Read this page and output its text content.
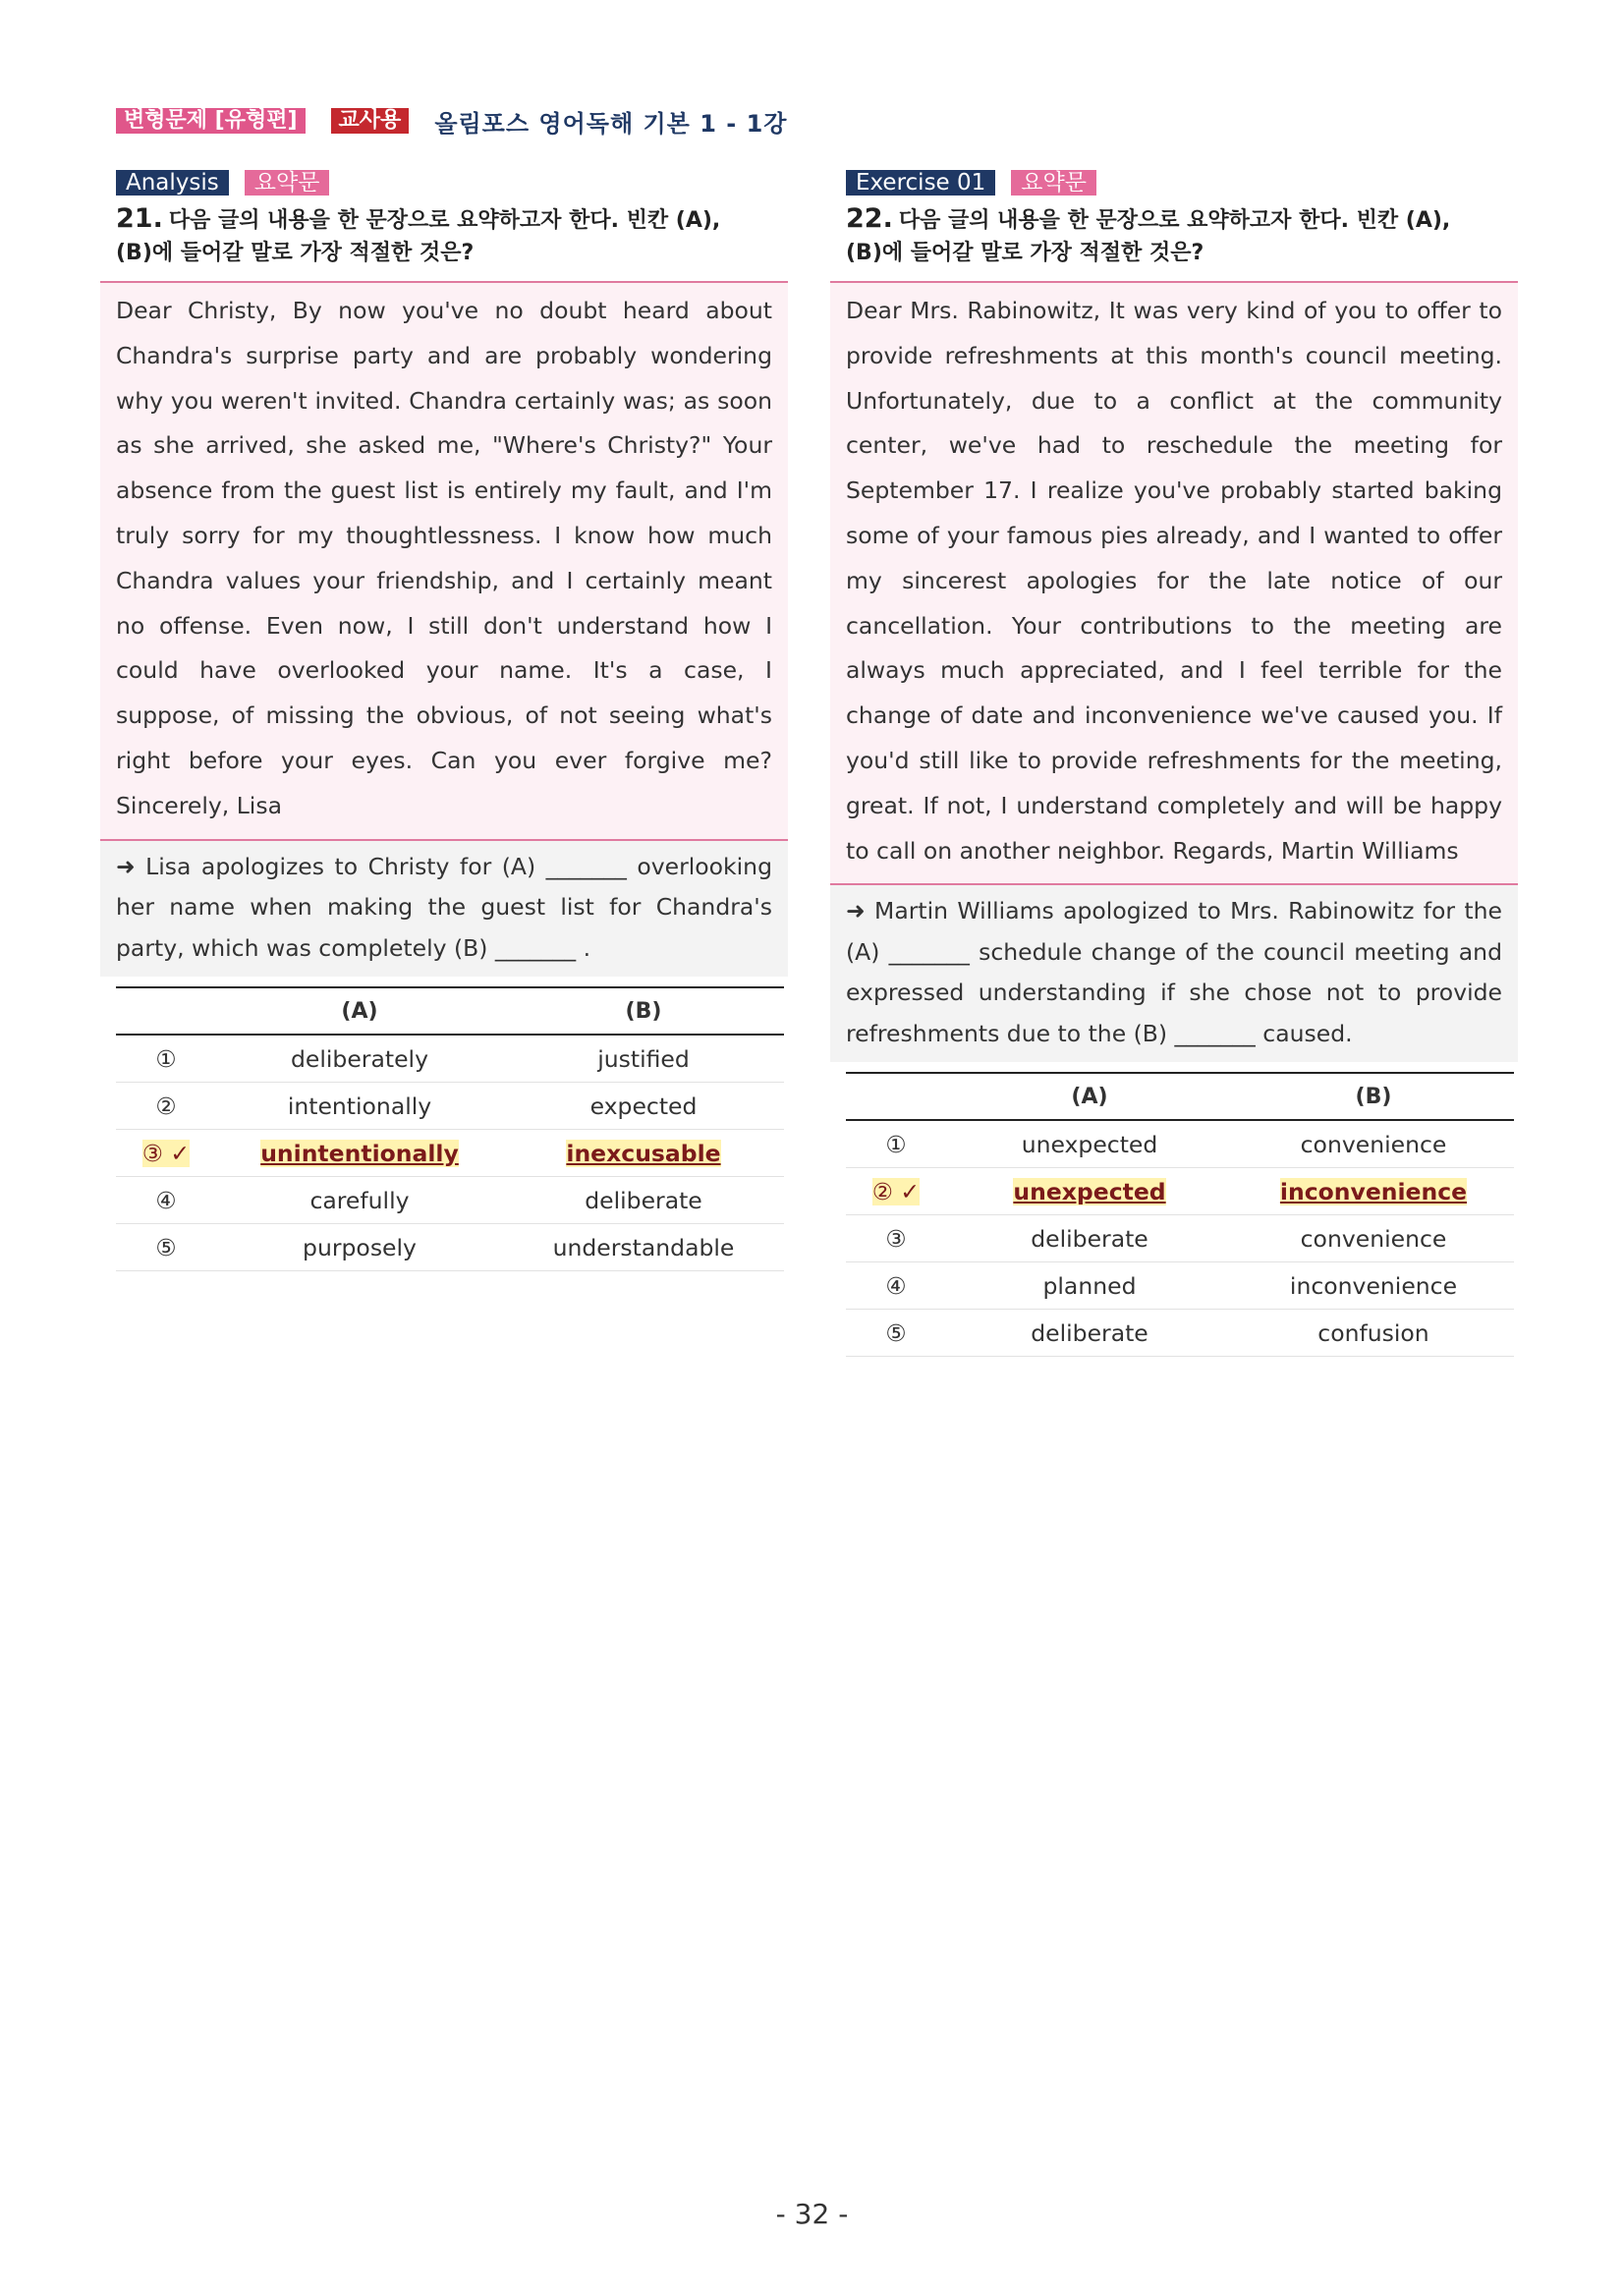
변형문제 [유형편]	교사용	올림포스 영어독해 기본 1 - 1강
Analysis	요약문
21. 다음 글의 내용을 한 문장으로 요약하고자 한다. 빈칸 (A),
(B)에 들어갈 말로 가장 적절한 것은?
Dear Christy, By now you've no doubt heard about Chandra's surprise party and are probably wondering why you weren't invited. Chandra certainly was; as soon as she arrived, she asked me, "Where's Christy?" Your absence from the guest list is entirely my fault, and I'm truly sorry for my thoughtlessness. I know how much Chandra values your friendship, and I certainly meant no offense. Even now, I still don't understand how I could have overlooked your name. It's a case, I suppose, of missing the obvious, of not seeing what's right before your eyes. Can you ever forgive me? Sincerely, Lisa
➜ Lisa apologizes to Christy for (A) _______ overlooking her name when making the guest list for Chandra's party, which was completely (B) _______ .
	(A)	(B)
①	deliberately	justified
②	intentionally	expected
③ ✓	unintentionally	inexcusable
④	carefully	deliberate
⑤	purposely	understandable
Exercise 01	요약문
22. 다음 글의 내용을 한 문장으로 요약하고자 한다. 빈칸 (A),
(B)에 들어갈 말로 가장 적절한 것은?
Dear Mrs. Rabinowitz, It was very kind of you to offer to provide refreshments at this month's council meeting. Unfortunately, due to a conflict at the community center, we've had to reschedule the meeting for September 17. I realize you've probably started baking some of your famous pies already, and I wanted to offer my sincerest apologies for the late notice of our cancellation. Your contributions to the meeting are always much appreciated, and I feel terrible for the change of date and inconvenience we've caused you. If you'd still like to provide refreshments for the meeting, great. If not, I understand completely and will be happy to call on another neighbor. Regards, Martin Williams
➜ Martin Williams apologized to Mrs. Rabinowitz for the (A) _______ schedule change of the council meeting and expressed understanding if she chose not to provide refreshments due to the (B) _______ caused.
	(A)	(B)
①	unexpected	convenience
② ✓	unexpected	inconvenience
③	deliberate	convenience
④	planned	inconvenience
⑤	deliberate	confusion
- 32 -
